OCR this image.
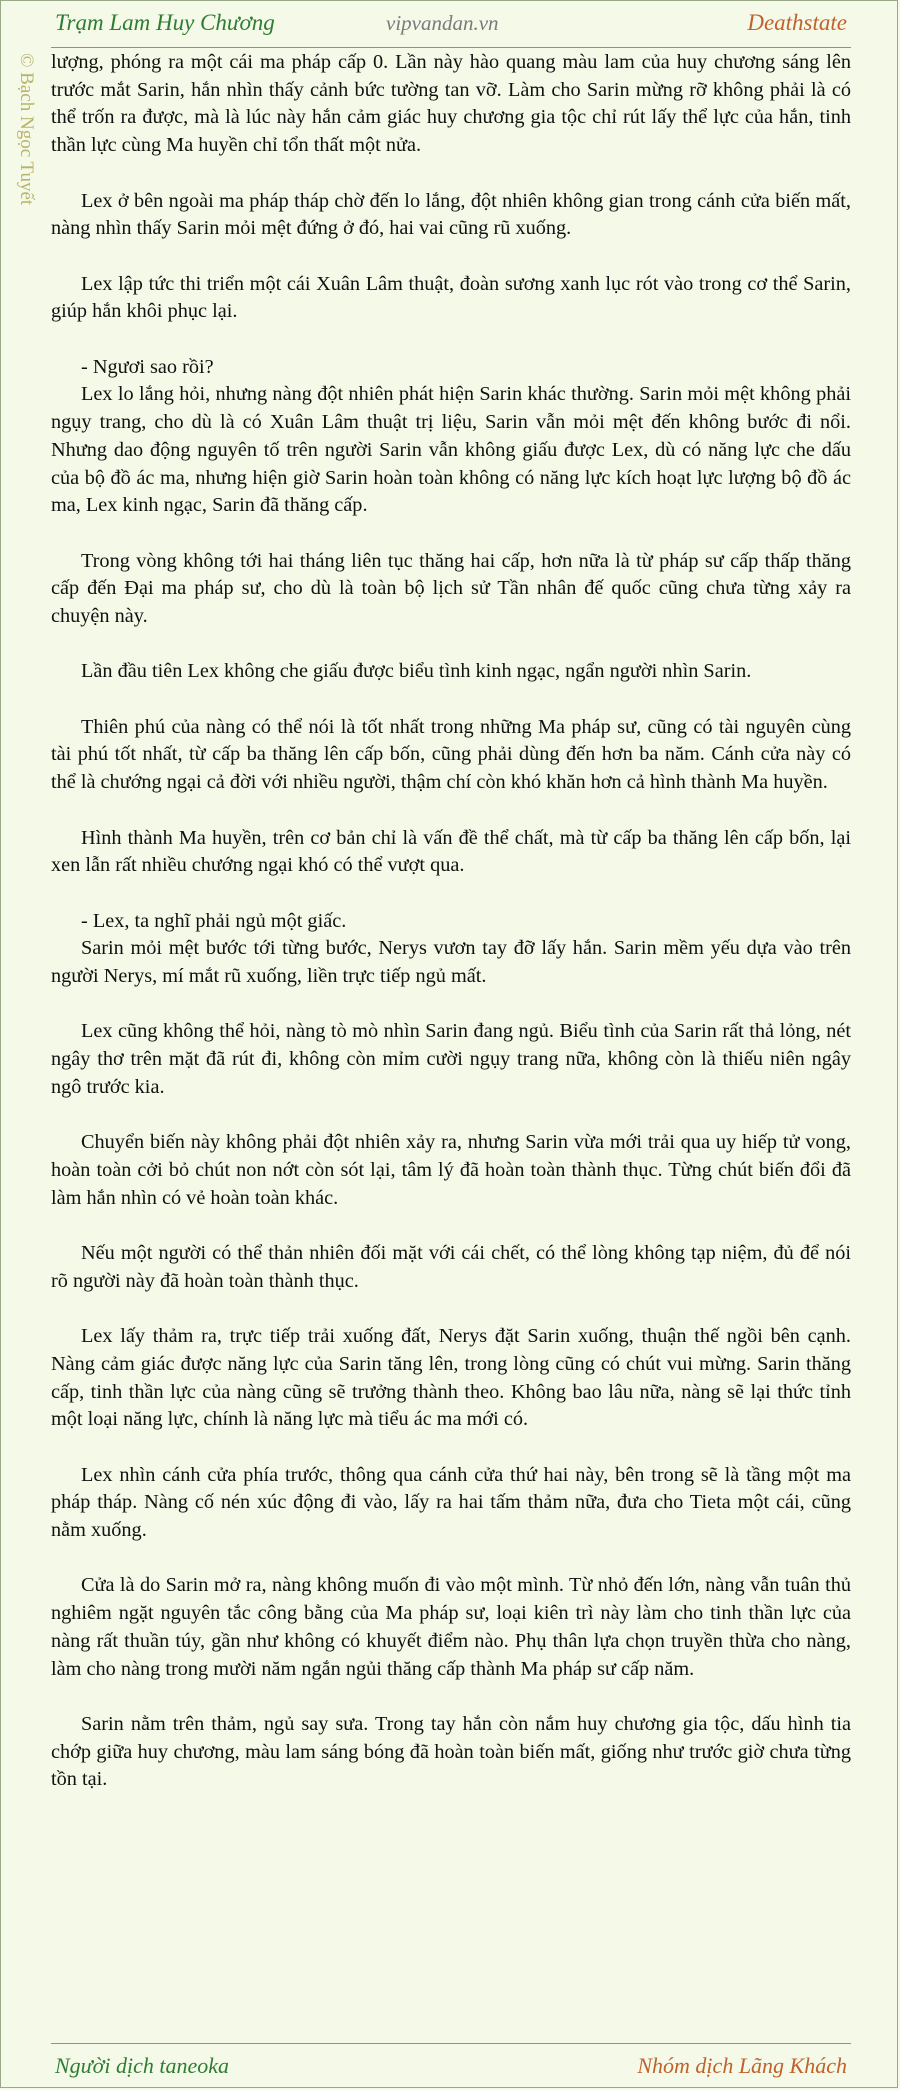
Trạm Lam Huy Chương	vipvandan.vn	Deathstate
© Bạch Ngọc Tuyết lượng, phóng ra một cái ma pháp cấp 0. Lần này hào quang màu lam của huy chương sáng lên trước mắt Sarin, hắn nhìn thấy cảnh bức tường tan vỡ. Làm cho Sarin mừng rỡ không phải là có thể trốn ra được, mà là lúc này hắn cảm giác huy chương gia tộc chỉ rút lấy thể lực của hắn, tinh thần lực cùng Ma huyền chỉ tổn thất một nửa.

Lex ở bên ngoài ma pháp tháp chờ đến lo lắng, đột nhiên không gian trong cánh cửa biến mất, nàng nhìn thấy Sarin mỏi mệt đứng ở đó, hai vai cũng rũ xuống.

Lex lập tức thi triển một cái Xuân Lâm thuật, đoàn sương xanh lục rót vào trong cơ thể Sarin, giúp hắn khôi phục lại.

- Ngươi sao rồi?

Lex lo lắng hỏi, nhưng nàng đột nhiên phát hiện Sarin khác thường. Sarin mỏi mệt không phải ngụy trang, cho dù là có Xuân Lâm thuật trị liệu, Sarin vẫn mỏi mệt đến không bước đi nổi. Nhưng dao động nguyên tố trên người Sarin vẫn không giấu được Lex, dù có năng lực che dấu của bộ đồ ác ma, nhưng hiện giờ Sarin hoàn toàn không có năng lực kích hoạt lực lượng bộ đồ ác ma, Lex kinh ngạc, Sarin đã thăng cấp.

Trong vòng không tới hai tháng liên tục thăng hai cấp, hơn nữa là từ pháp sư cấp thấp thăng cấp đến Đại ma pháp sư, cho dù là toàn bộ lịch sử Tần nhân đế quốc cũng chưa từng xảy ra chuyện này.

Lần đầu tiên Lex không che giấu được biểu tình kinh ngạc, ngẩn người nhìn Sarin.

Thiên phú của nàng có thể nói là tốt nhất trong những Ma pháp sư, cũng có tài nguyên cùng tài phú tốt nhất, từ cấp ba thăng lên cấp bốn, cũng phải dùng đến hơn ba năm. Cánh cửa này có thể là chướng ngại cả đời với nhiều người, thậm chí còn khó khăn hơn cả hình thành Ma huyền.

Hình thành Ma huyền, trên cơ bản chỉ là vấn đề thể chất, mà từ cấp ba thăng lên cấp bốn, lại xen lẫn rất nhiều chướng ngại khó có thể vượt qua.

- Lex, ta nghĩ phải ngủ một giấc.

Sarin mỏi mệt bước tới từng bước, Nerys vươn tay đỡ lấy hắn. Sarin mềm yếu dựa vào trên người Nerys, mí mắt rũ xuống, liền trực tiếp ngủ mất.

Lex cũng không thể hỏi, nàng tò mò nhìn Sarin đang ngủ. Biểu tình của Sarin rất thả lỏng, nét ngây thơ trên mặt đã rút đi, không còn mỉm cười ngụy trang nữa, không còn là thiếu niên ngây ngô trước kia.

Chuyển biến này không phải đột nhiên xảy ra, nhưng Sarin vừa mới trải qua uy hiếp tử vong, hoàn toàn cởi bỏ chút non nớt còn sót lại, tâm lý đã hoàn toàn thành thục. Từng chút biến đổi đã làm hắn nhìn có vẻ hoàn toàn khác.

Nếu một người có thể thản nhiên đối mặt với cái chết, có thể lòng không tạp niệm, đủ để nói rõ người này đã hoàn toàn thành thục.

Lex lấy thảm ra, trực tiếp trải xuống đất, Nerys đặt Sarin xuống, thuận thế ngồi bên cạnh. Nàng cảm giác được năng lực của Sarin tăng lên, trong lòng cũng có chút vui mừng. Sarin thăng cấp, tinh thần lực của nàng cũng sẽ trưởng thành theo. Không bao lâu nữa, nàng sẽ lại thức tỉnh một loại năng lực, chính là năng lực mà tiểu ác ma mới có.

Lex nhìn cánh cửa phía trước, thông qua cánh cửa thứ hai này, bên trong sẽ là tầng một ma pháp tháp. Nàng cố nén xúc động đi vào, lấy ra hai tấm thảm nữa, đưa cho Tieta một cái, cũng nằm xuống.

Cửa là do Sarin mở ra, nàng không muốn đi vào một mình. Từ nhỏ đến lớn, nàng vẫn tuân thủ nghiêm ngặt nguyên tắc công bằng của Ma pháp sư, loại kiên trì này làm cho tinh thần lực của nàng rất thuần túy, gần như không có khuyết điểm nào. Phụ thân lựa chọn truyền thừa cho nàng, làm cho nàng trong mười năm ngắn ngủi thăng cấp thành Ma pháp sư cấp năm.

Sarin nằm trên thảm, ngủ say sưa. Trong tay hắn còn nắm huy chương gia tộc, dấu hình tia chớp giữa huy chương, màu lam sáng bóng đã hoàn toàn biến mất, giống như trước giờ chưa từng tồn tại.

Người dịch taneoka	Nhóm dịch Lãng Khách
